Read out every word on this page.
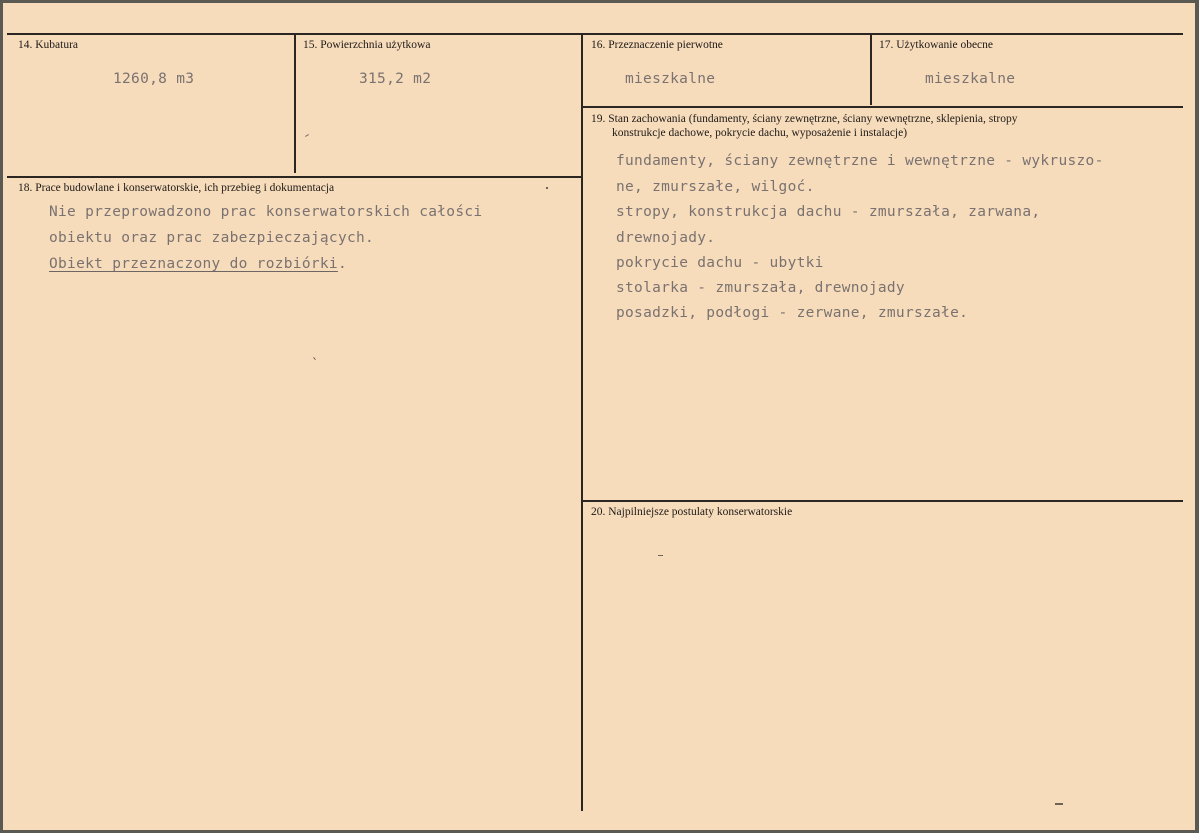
14. Kubatura
1260,8 m3
15. Powierzchnia użytkowa
315,2 m2
16. Przeznaczenie pierwotne
mieszkalne
17. Użytkowanie obecne
mieszkalne
18. Prace budowlane i konserwatorskie, ich przebieg i dokumentacja
Nie przeprowadzono prac konserwatorskich całości
obiektu oraz prac zabezpieczających.
Obiekt przeznaczony do rozbiórki.
19. Stan zachowania (fundamenty, ściany zewnętrzne, ściany wewnętrzne, sklepienia, stropy
konstrukcje dachowe, pokrycie dachu, wyposażenie i instalacje)
fundamenty, ściany zewnętrzne i wewnętrzne - wykruszo-
ne, zmurszałe, wilgoć.
stropy, konstrukcja dachu - zmurszała, zarwana,
drewnojady.
pokrycie dachu - ubytki
stolarka - zmurszała, drewnojady
posadzki, podłogi - zerwane, zmurszałe.
20. Najpilniejsze postulaty konserwatorskie
